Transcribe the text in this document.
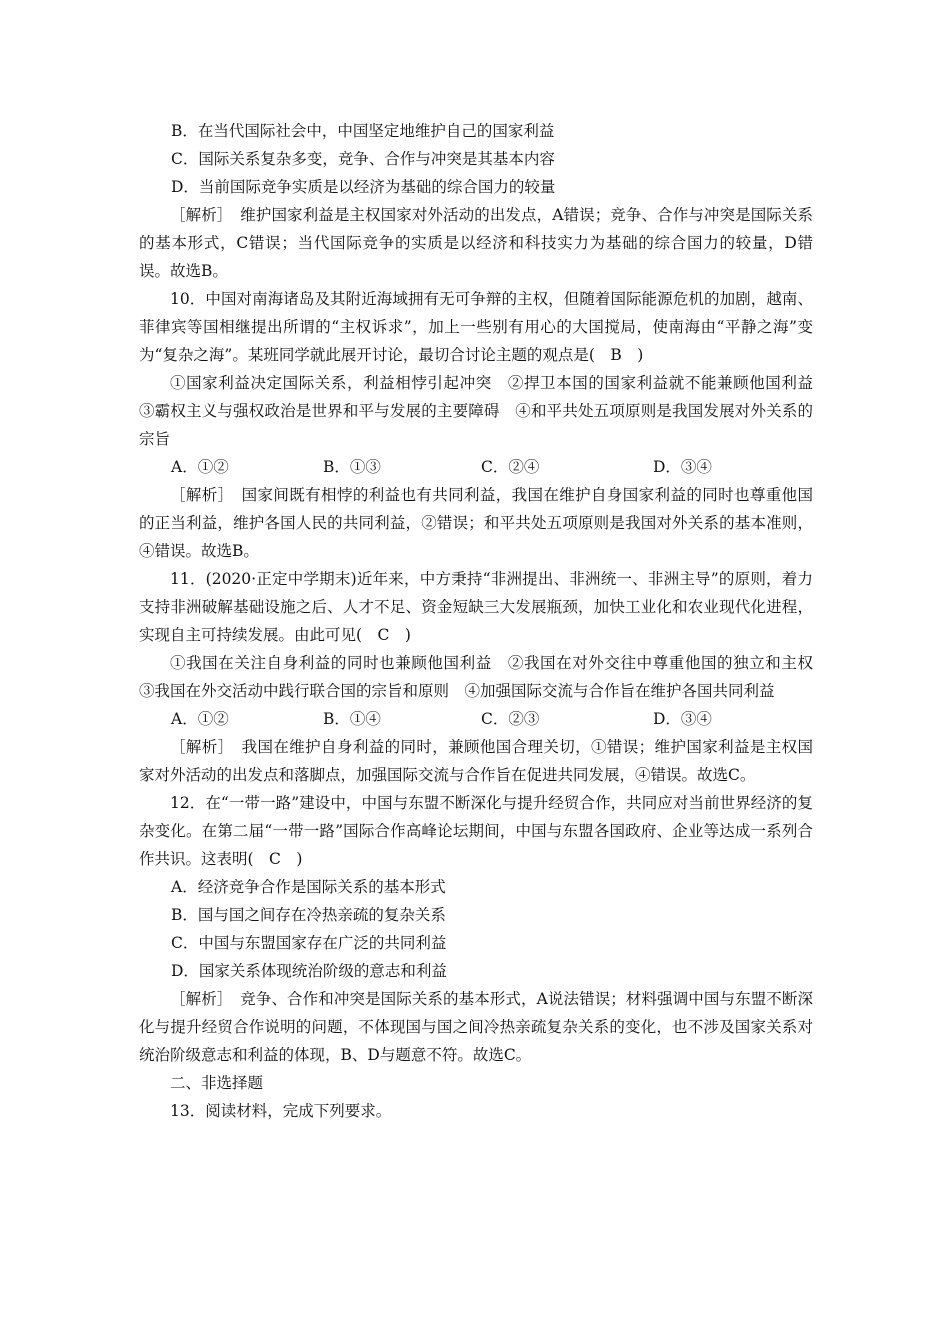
B．在当代国际社会中，中国坚定地维护自己的国家利益

C．国际关系复杂多变，竞争、合作与冲突是其基本内容

D．当前国际竞争实质是以经济为基础的综合国力的较量

［解析］　维护国家利益是主权国家对外活动的出发点，A错误；竞争、合作与冲突是国际关系的基本形式，C错误；当代国际竞争的实质是以经济和科技实力为基础的综合国力的较量，D错误。故选B。

10．中国对南海诸岛及其附近海域拥有无可争辩的主权，但随着国际能源危机的加剧，越南、菲律宾等国相继提出所谓的“主权诉求”，加上一些别有用心的大国搅局，使南海由“平静之海”变为“复杂之海”。某班同学就此展开讨论，最切合讨论主题的观点是(　B　)

①国家利益决定国际关系，利益相悖引起冲突　②捍卫本国的国家利益就不能兼顾他国利益　③霸权主义与强权政治是世界和平与发展的主要障碍　④和平共处五项原则是我国发展对外关系的宗旨

A．①②	B．①③	C．②④	D．③④

［解析］　国家间既有相悖的利益也有共同利益，我国在维护自身国家利益的同时也尊重他国的正当利益，维护各国人民的共同利益，②错误；和平共处五项原则是我国对外关系的基本准则，④错误。故选B。

11．(2020·正定中学期末)近年来，中方秉持“非洲提出、非洲统一、非洲主导”的原则，着力支持非洲破解基础设施之后、人才不足、资金短缺三大发展瓶颈，加快工业化和农业现代化进程，实现自主可持续发展。由此可见(　C　)

①我国在关注自身利益的同时也兼顾他国利益　②我国在对外交往中尊重他国的独立和主权　③我国在外交活动中践行联合国的宗旨和原则　④加强国际交流与合作旨在维护各国共同利益

A．①②	B．①④	C．②③	D．③④

［解析］　我国在维护自身利益的同时，兼顾他国合理关切，①错误；维护国家利益是主权国家对外活动的出发点和落脚点，加强国际交流与合作旨在促进共同发展，④错误。故选C。

12．在“一带一路”建设中，中国与东盟不断深化与提升经贸合作，共同应对当前世界经济的复杂变化。在第二届“一带一路”国际合作高峰论坛期间，中国与东盟各国政府、企业等达成一系列合作共识。这表明(　C　)

A．经济竞争合作是国际关系的基本形式

B．国与国之间存在冷热亲疏的复杂关系

C．中国与东盟国家存在广泛的共同利益

D．国家关系体现统治阶级的意志和利益

［解析］　竞争、合作和冲突是国际关系的基本形式，A说法错误；材料强调中国与东盟不断深化与提升经贸合作说明的问题，不体现国与国之间冷热亲疏复杂关系的变化，也不涉及国家关系对统治阶级意志和利益的体现，B、D与题意不符。故选C。

二、非选择题

13．阅读材料，完成下列要求。
